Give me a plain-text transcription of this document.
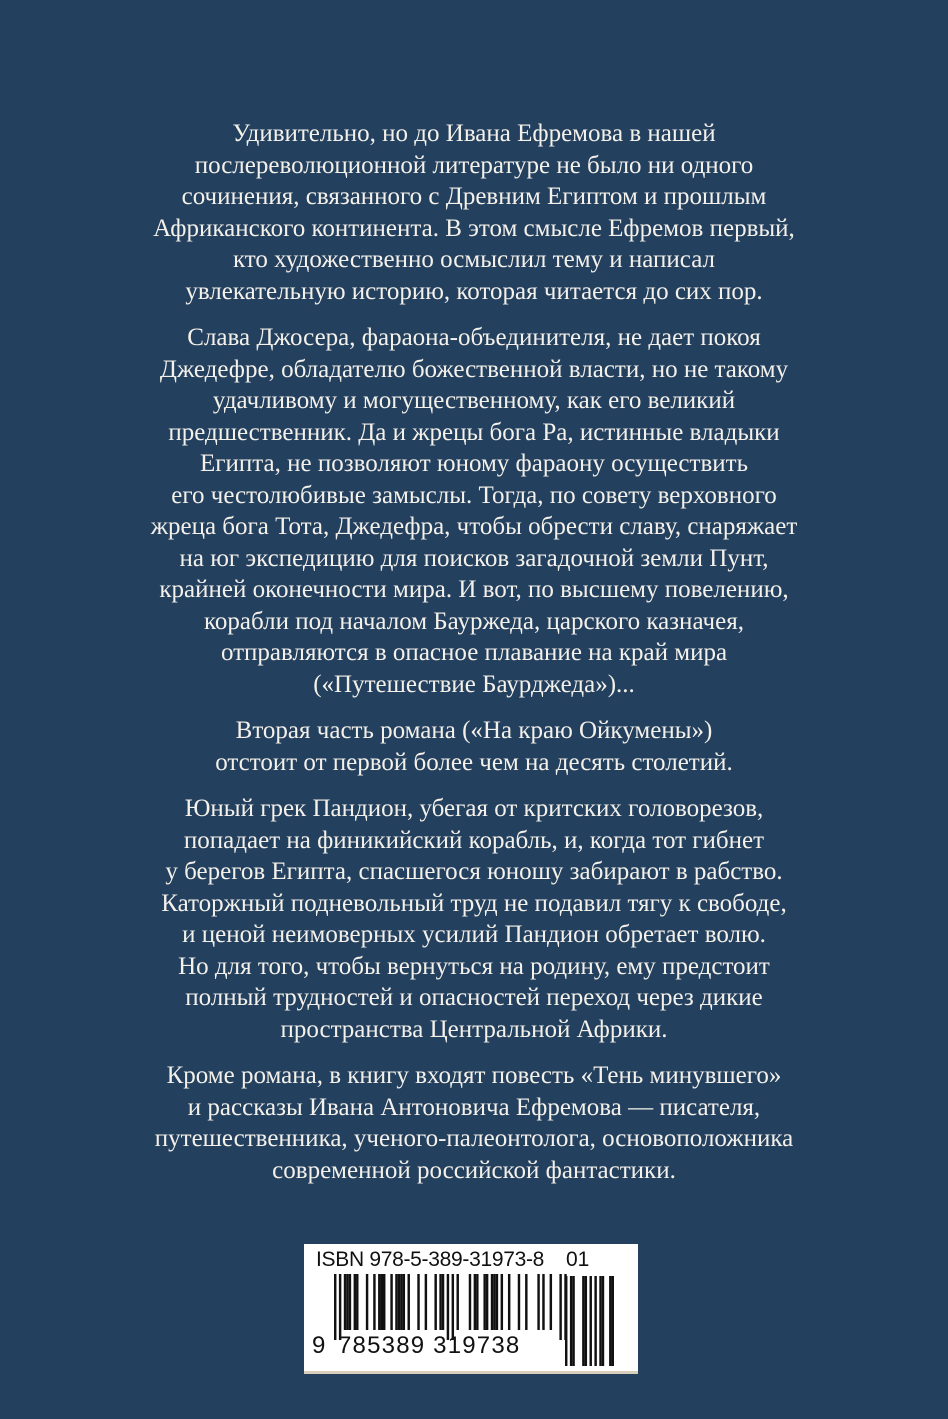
Удивительно, но до Ивана Ефремова в нашей
послереволюционной литературе не было ни одного
сочинения, связанного с Древним Египтом и прошлым
Африканского континента. В этом смысле Ефремов первый,
кто художественно осмыслил тему и написал
увлекательную историю, которая читается до сих пор.

Слава Джосера, фараона-объединителя, не дает покоя
Джедефре, обладателю божественной власти, но не такому
удачливому и могущественному, как его великий
предшественник. Да и жрецы бога Ра, истинные владыки
Египта, не позволяют юному фараону осуществить
его честолюбивые замыслы. Тогда, по совету верховного
жреца бога Тота, Джедефра, чтобы обрести славу, снаряжает
на юг экспедицию для поисков загадочной земли Пунт,
крайней оконечности мира. И вот, по высшему повелению,
корабли под началом Бауржеда, царского казначея,
отправляются в опасное плавание на край мира
(«Путешествие Баурджеда»)...

Вторая часть романа («На краю Ойкумены»)
отстоит от первой более чем на десять столетий.

Юный грек Пандион, убегая от критских головорезов,
попадает на финикийский корабль, и, когда тот гибнет
у берегов Египта, спасшегося юношу забирают в рабство.
Каторжный подневольный труд не подавил тягу к свободе,
и ценой неимоверных усилий Пандион обретает волю.
Но для того, чтобы вернуться на родину, ему предстоит
полный трудностей и опасностей переход через дикие
пространства Центральной Африки.

Кроме романа, в книгу входят повесть «Тень минувшего»
и рассказы Ивана Антоновича Ефремова — писателя,
путешественника, ученого-палеонтолога, основоположника
современной российской фантастики.

ISBN 978-5-389-31973-8 01
9 785389 319738
